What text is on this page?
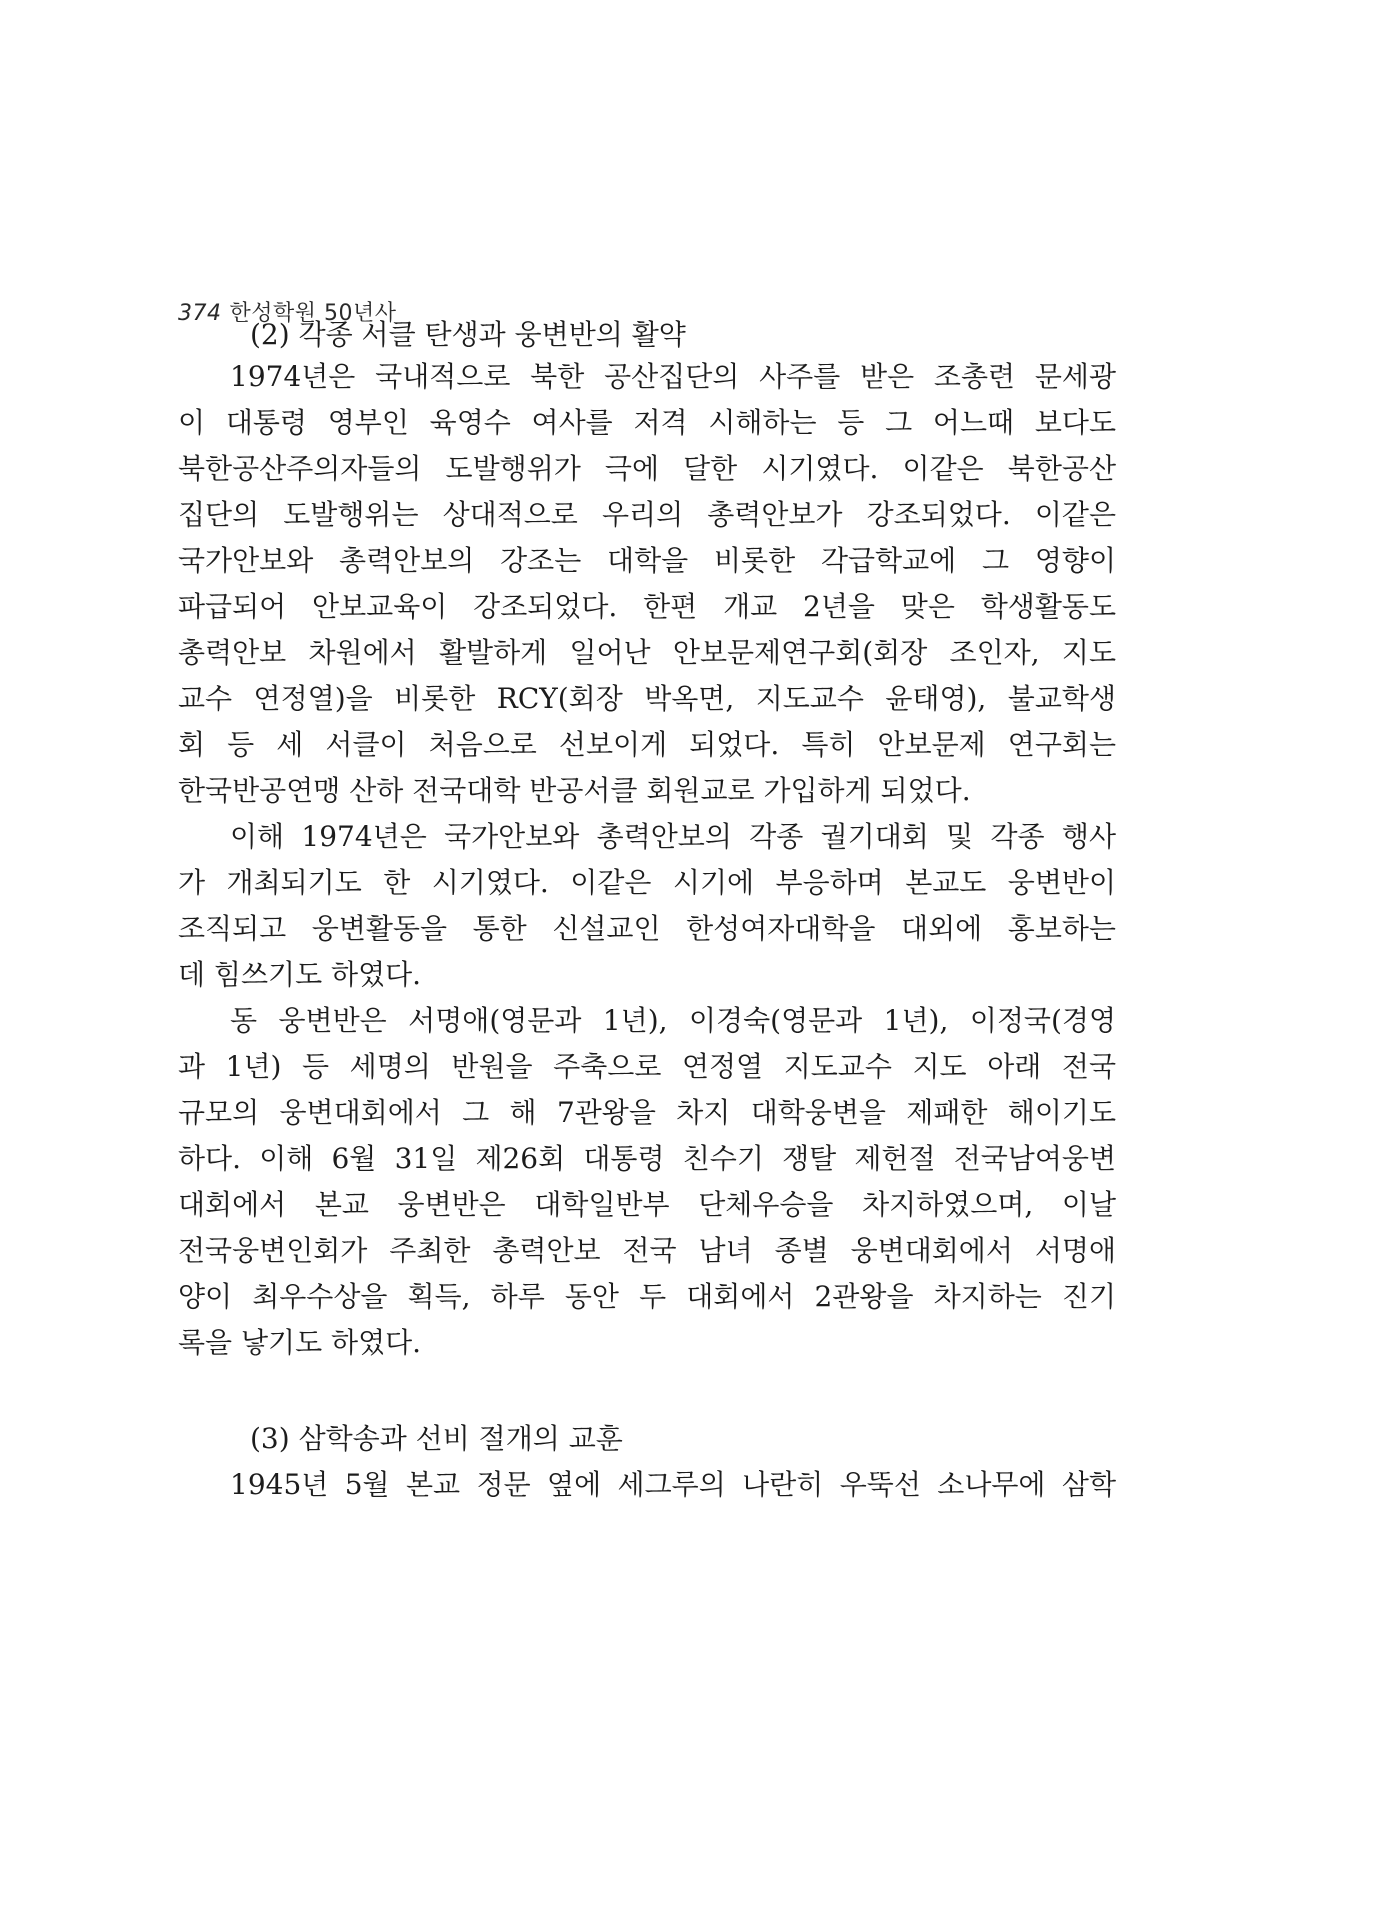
374 한성학원 50년사
(2) 각종 서클 탄생과 웅변반의 활약
1974년은 국내적으로 북한 공산집단의 사주를 받은 조총련 문세광
이 대통령 영부인 육영수 여사를 저격 시해하는 등 그 어느때 보다도
북한공산주의자들의 도발행위가 극에 달한 시기였다. 이같은 북한공산
집단의 도발행위는 상대적으로 우리의 총력안보가 강조되었다. 이같은
국가안보와 총력안보의 강조는 대학을 비롯한 각급학교에 그 영향이
파급되어 안보교육이 강조되었다. 한편 개교 2년을 맞은 학생활동도
총력안보 차원에서 활발하게 일어난 안보문제연구회(회장 조인자, 지도
교수 연정열)을 비롯한 RCY(회장 박옥면, 지도교수 윤태영), 불교학생
회 등 세 서클이 처음으로 선보이게 되었다. 특히 안보문제 연구회는
한국반공연맹 산하 전국대학 반공서클 회원교로 가입하게 되었다.
이해 1974년은 국가안보와 총력안보의 각종 궐기대회 및 각종 행사
가 개최되기도 한 시기였다. 이같은 시기에 부응하며 본교도 웅변반이
조직되고 웅변활동을 통한 신설교인 한성여자대학을 대외에 홍보하는
데 힘쓰기도 하였다.
동 웅변반은 서명애(영문과 1년), 이경숙(영문과 1년), 이정국(경영
과 1년) 등 세명의 반원을 주축으로 연정열 지도교수 지도 아래 전국
규모의 웅변대회에서 그 해 7관왕을 차지 대학웅변을 제패한 해이기도
하다. 이해 6월 31일 제26회 대통령 친수기 쟁탈 제헌절 전국남여웅변
대회에서 본교 웅변반은 대학일반부 단체우승을 차지하였으며, 이날
전국웅변인회가 주최한 총력안보 전국 남녀 종별 웅변대회에서 서명애
양이 최우수상을 획득, 하루 동안 두 대회에서 2관왕을 차지하는 진기
록을 낳기도 하였다.
(3) 삼학송과 선비 절개의 교훈
1945년 5월 본교 정문 옆에 세그루의 나란히 우뚝선 소나무에 삼학
